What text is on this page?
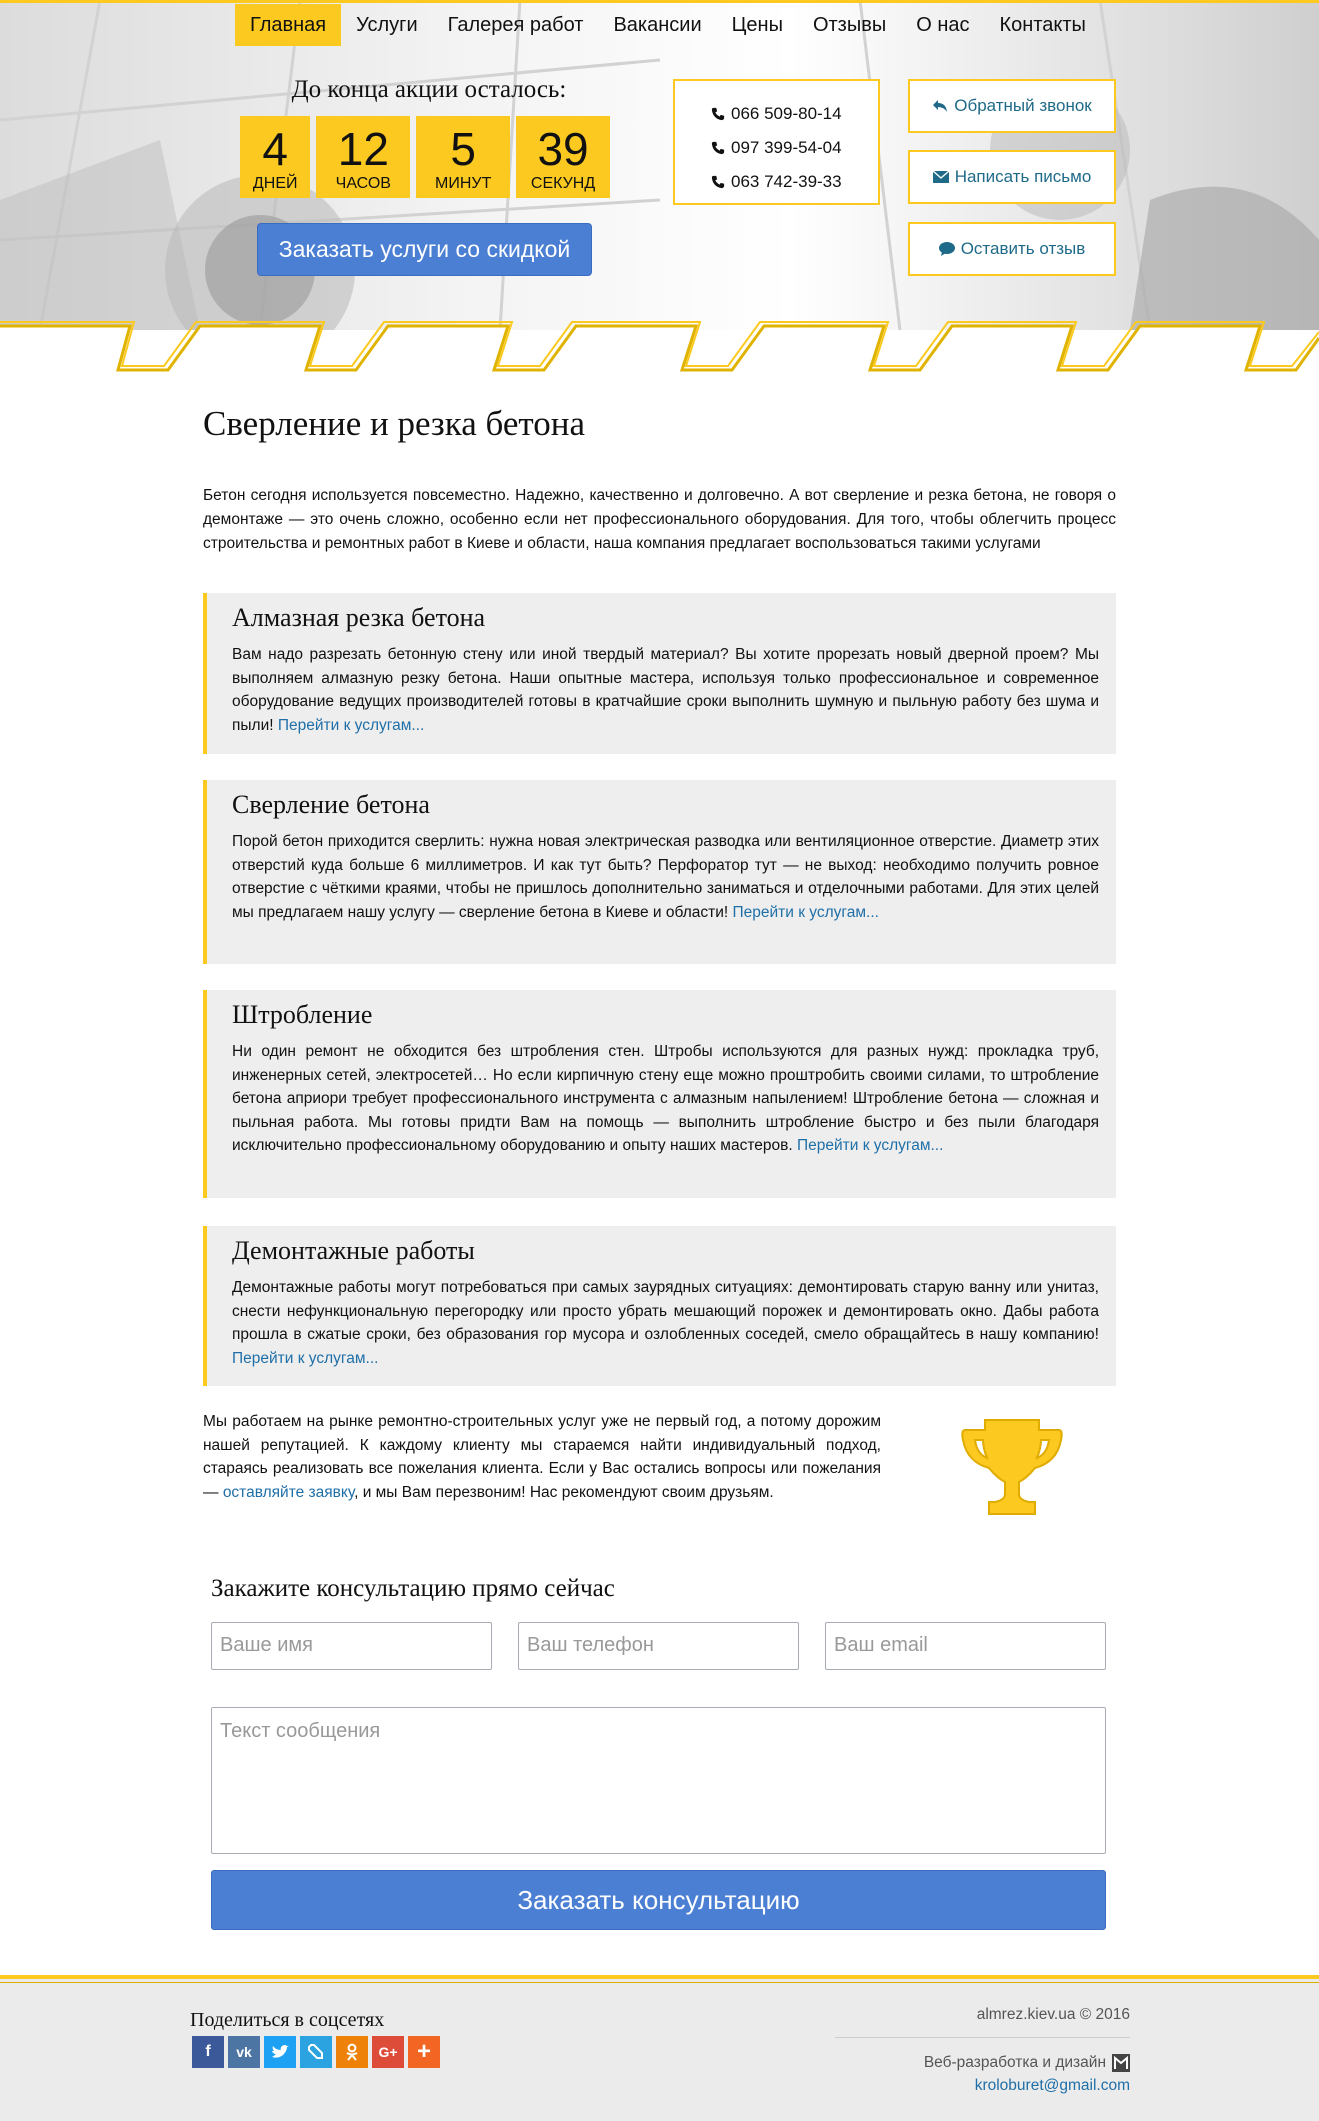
Главная	Услуги	Галерея работ	Вакансии	Цены	Отзывы	О нас	Контакты
До конца акции осталось:
4
ДНЕЙ
12
ЧАСОВ
5
МИНУТ
39
СЕКУНД
Заказать услуги со скидкой
066 509-80-14
097 399-54-04
063 742-39-33
Обратный звонок
Написать письмо
Оставить отзыв
Сверление и резка бетона

Бетон сегодня используется повсеместно. Надежно, качественно и долговечно. А вот сверление и резка бетона, не говоря о демонтаже — это очень сложно, особенно если нет профессионального оборудования. Для того, чтобы облегчить процесс строительства и ремонтных работ в Киеве и области, наша компания предлагает воспользоваться такими услугами

Алмазная резка бетона

Вам надо разрезать бетонную стену или иной твердый материал? Вы хотите прорезать новый дверной проем? Мы выполняем алмазную резку бетона. Наши опытные мастера, используя только профессиональное и современное оборудование ведущих производителей готовы в кратчайшие сроки выполнить шумную и пыльную работу без шума и пыли! Перейти к услугам...

Сверление бетона

Порой бетон приходится сверлить: нужна новая электрическая разводка или вентиляционное отверстие. Диаметр этих отверстий куда больше 6 миллиметров. И как тут быть? Перфоратор тут — не выход: необходимо получить ровное отверстие с чёткими краями, чтобы не пришлось дополнительно заниматься и отделочными работами. Для этих целей мы предлагаем нашу услугу — сверление бетона в Киеве и области! Перейти к услугам...

Штробление

Ни один ремонт не обходится без штробления стен. Штробы используются для разных нужд: прокладка труб, инженерных сетей, электросетей… Но если кирпичную стену еще можно проштробить своими силами, то штробление бетона априори требует профессионального инструмента с алмазным напылением! Штробление бетона — сложная и пыльная работа. Мы готовы придти Вам на помощь — выполнить штробление быстро и без пыли благодаря исключительно профессиональному оборудованию и опыту наших мастеров. Перейти к услугам...

Демонтажные работы

Демонтажные работы могут потребоваться при самых заурядных ситуациях: демонтировать старую ванну или унитаз, снести нефункциональную перегородку или просто убрать мешающий порожек и демонтировать окно. Дабы работа прошла в сжатые сроки, без образования гор мусора и озлобленных соседей, смело обращайтесь в нашу компанию! Перейти к услугам...

Мы работаем на рынке ремонтно-строительных услуг уже не первый год, а потому дорожим нашей репутацией. К каждому клиенту мы стараемся найти индивидуальный подход, стараясь реализовать все пожелания клиента. Если у Вас остались вопросы или пожелания — оставляйте заявку, и мы Вам перезвоним! Нас рекомендуют своим друзьям.

Закажите консультацию прямо сейчас
Ваше имя	Ваш телефон	Ваш email
Текст сообщения
Заказать консультацию
Поделиться в соцсетях
f	vk	G+ +
almrez.kiev.ua © 2016
Веб-разработка и дизайн
kroloburet@gmail.com
